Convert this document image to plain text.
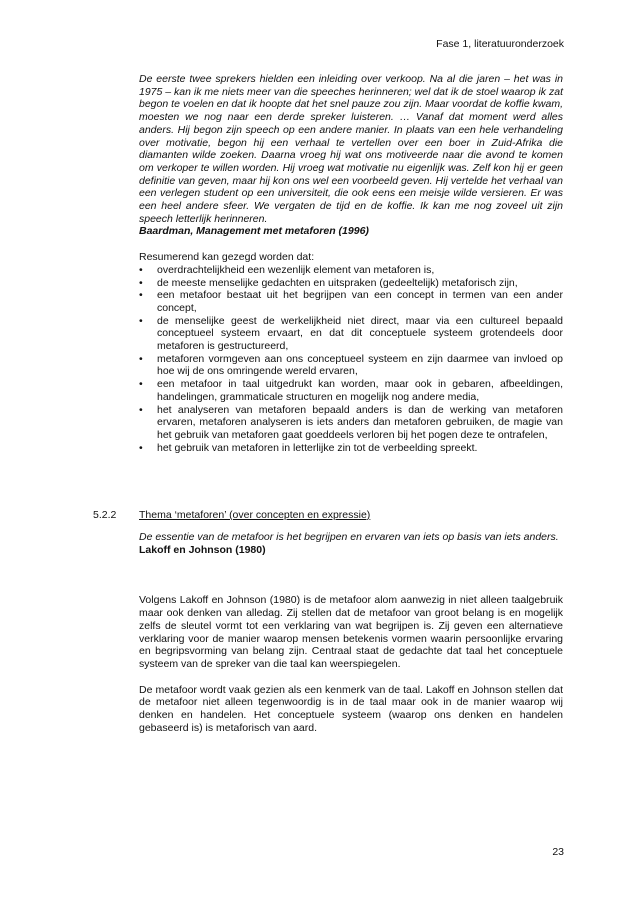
Fase 1, literatuuronderzoek

De eerste twee sprekers hielden een inleiding over verkoop. Na al die jaren – het was in 1975 – kan ik me niets meer van die speeches herinneren; wel dat ik de stoel waarop ik zat begon te voelen en dat ik hoopte dat het snel pauze zou zijn. Maar voordat de koffie kwam, moesten we nog naar een derde spreker luisteren. … Vanaf dat moment werd alles anders. Hij begon zijn speech op een andere manier. In plaats van een hele verhandeling over motivatie, begon hij een verhaal te vertellen over een boer in Zuid-Afrika die diamanten wilde zoeken. Daarna vroeg hij wat ons motiveerde naar die avond te komen om verkoper te willen worden. Hij vroeg wat motivatie nu eigenlijk was. Zelf kon hij er geen definitie van geven, maar hij kon ons wel een voorbeeld geven. Hij vertelde het verhaal van een verlegen student op een universiteit, die ook eens een meisje wilde versieren. Er was een heel andere sfeer. We vergaten de tijd en de koffie. Ik kan me nog zoveel uit zijn speech letterlijk herinneren.

Baardman, Management met metaforen (1996)

Resumerend kan gezegd worden dat:

• overdrachtelijkheid een wezenlijk element van metaforen is,
• de meeste menselijke gedachten en uitspraken (gedeeltelijk) metaforisch zijn,
• een metafoor bestaat uit het begrijpen van een concept in termen van een ander concept,
• de menselijke geest de werkelijkheid niet direct, maar via een cultureel bepaald conceptueel systeem ervaart, en dat dit conceptuele systeem grotendeels door metaforen is gestructureerd,
• metaforen vormgeven aan ons conceptueel systeem en zijn daarmee van invloed op hoe wij de ons omringende wereld ervaren,
• een metafoor in taal uitgedrukt kan worden, maar ook in gebaren, afbeeldingen, handelingen, grammaticale structuren en mogelijk nog andere media,
• het analyseren van metaforen bepaald anders is dan de werking van metaforen ervaren, metaforen analyseren is iets anders dan metaforen gebruiken, de magie van het gebruik van metaforen gaat goeddeels verloren bij het pogen deze te ontrafelen,
• het gebruik van metaforen in letterlijke zin tot de verbeelding spreekt.
5.2.2 Thema ‘metaforen’ (over concepten en expressie)

De essentie van de metafoor is het begrijpen en ervaren van iets op basis van iets anders.

Lakoff en Johnson (1980)

Volgens Lakoff en Johnson (1980) is de metafoor alom aanwezig in niet alleen taalgebruik maar ook denken van alledag. Zij stellen dat de metafoor van groot belang is en mogelijk zelfs de sleutel vormt tot een verklaring van wat begrijpen is. Zij geven een alternatieve verklaring voor de manier waarop mensen betekenis vormen waarin persoonlijke ervaring en begripsvorming van belang zijn. Centraal staat de gedachte dat taal het conceptuele systeem van de spreker van die taal kan weerspiegelen.

De metafoor wordt vaak gezien als een kenmerk van de taal. Lakoff en Johnson stellen dat de metafoor niet alleen tegenwoordig is in de taal maar ook in de manier waarop wij denken en handelen. Het conceptuele systeem (waarop ons denken en handelen gebaseerd is) is metaforisch van aard.

23
